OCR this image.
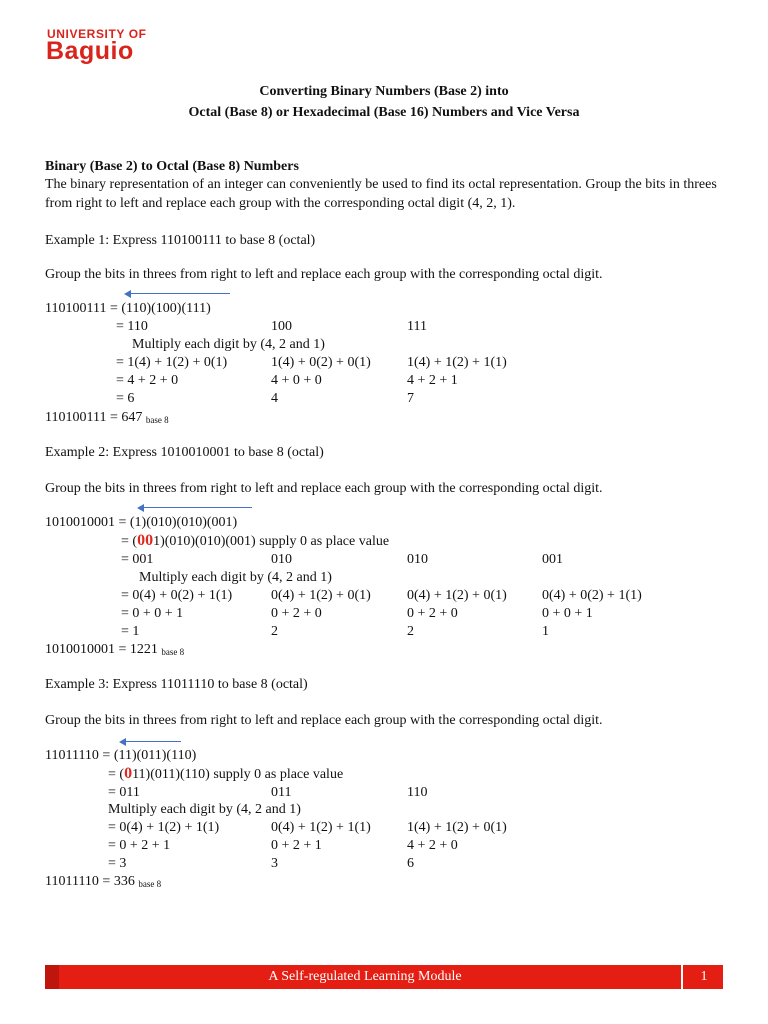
UNIVERSITY OF
Baguio
Converting Binary Numbers (Base 2) into
Octal (Base 8) or Hexadecimal (Base 16) Numbers and Vice Versa
Binary (Base 2) to Octal (Base 8) Numbers
The binary representation of an integer can conveniently be used to find its octal representation. Group the bits in threes from right to left and replace each group with the corresponding octal digit (4, 2, 1).
Example 1: Express 110100111 to base 8 (octal)
Group the bits in threes from right to left and replace each group with the corresponding octal digit.
110100111 = (110)(100)(111)
= 110	100	111
Multiply each digit by (4, 2 and 1)
= 1(4) + 1(2) + 0(1)	1(4) + 0(2) + 0(1)	1(4) + 1(2) + 1(1)
= 4 + 2 + 0	4 + 0 + 0	4 + 2 + 1
= 6	4	7
110100111 = 647 $_{base 8}$
Example 2: Express 1010010001 to base 8 (octal)
Group the bits in threes from right to left and replace each group with the corresponding octal digit.
1010010001 = (1)(010)(010)(001)
= (001)(010)(010)(001) supply 0 as place value
= 001	010	010	001
Multiply each digit by (4, 2 and 1)
= 0(4) + 0(2) + 1(1)	0(4) + 1(2) + 0(1)	0(4) + 1(2) + 0(1)	0(4) + 0(2) + 1(1)
= 0 + 0 + 1	0 + 2 + 0	0 + 2 + 0	0 + 0 + 1
= 1	2	2	1
1010010001 = 1221 $_{base 8}$
Example 3: Express 11011110 to base 8 (octal)
Group the bits in threes from right to left and replace each group with the corresponding octal digit.
11011110 = (11)(011)(110)
= (011)(011)(110) supply 0 as place value
= 011	011	110
Multiply each digit by (4, 2 and 1)
= 0(4) + 1(2) + 1(1)	0(4) + 1(2) + 1(1)	1(4) + 1(2) + 0(1)
= 0 + 2 + 1	0 + 2 + 1	4 + 2 + 0
= 3	3	6
11011110 = 336 $_{base 8}$
A Self-regulated Learning Module	1
